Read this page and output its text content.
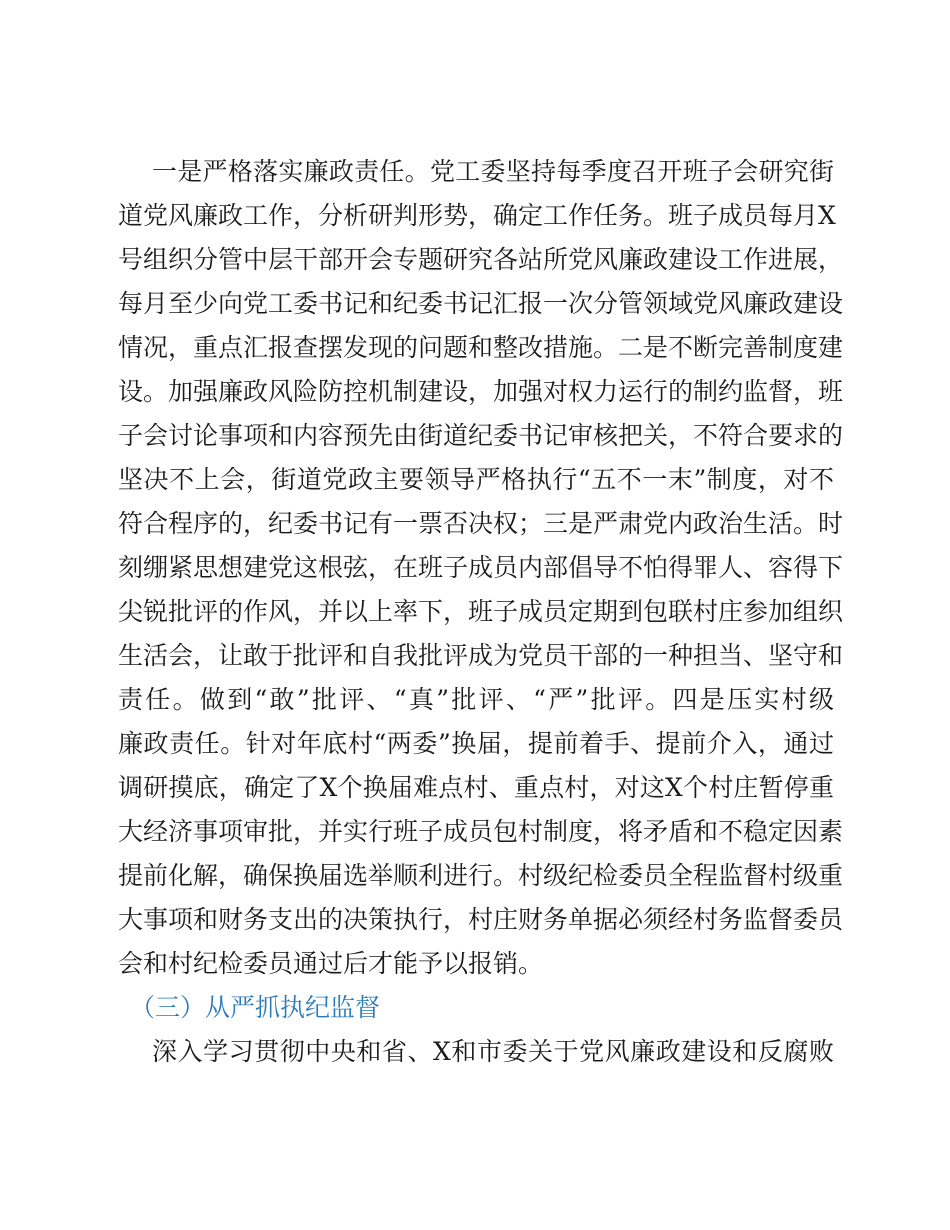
一是严格落实廉政责任。党工委坚持每季度召开班子会研究街
道党风廉政工作，分析研判形势，确定工作任务。班子成员每月X
号组织分管中层干部开会专题研究各站所党风廉政建设工作进展，
每月至少向党工委书记和纪委书记汇报一次分管领域党风廉政建设
情况，重点汇报查摆发现的问题和整改措施。二是不断完善制度建
设。加强廉政风险防控机制建设，加强对权力运行的制约监督，班
子会讨论事项和内容预先由街道纪委书记审核把关，不符合要求的
坚决不上会，街道党政主要领导严格执行“五不一末”制度，对不
符合程序的，纪委书记有一票否决权；三是严肃党内政治生活。时
刻绷紧思想建党这根弦，在班子成员内部倡导不怕得罪人、容得下
尖锐批评的作风，并以上率下，班子成员定期到包联村庄参加组织
生活会，让敢于批评和自我批评成为党员干部的一种担当、坚守和
责任。做到“敢”批评、“真”批评、“严”批评。四是压实村级
廉政责任。针对年底村“两委”换届，提前着手、提前介入，通过
调研摸底，确定了X个换届难点村、重点村，对这X个村庄暂停重
大经济事项审批，并实行班子成员包村制度，将矛盾和不稳定因素
提前化解，确保换届选举顺利进行。村级纪检委员全程监督村级重
大事项和财务支出的决策执行，村庄财务单据必须经村务监督委员
会和村纪检委员通过后才能予以报销。
（三）从严抓执纪监督
深入学习贯彻中央和省、X和市委关于党风廉政建设和反腐败
